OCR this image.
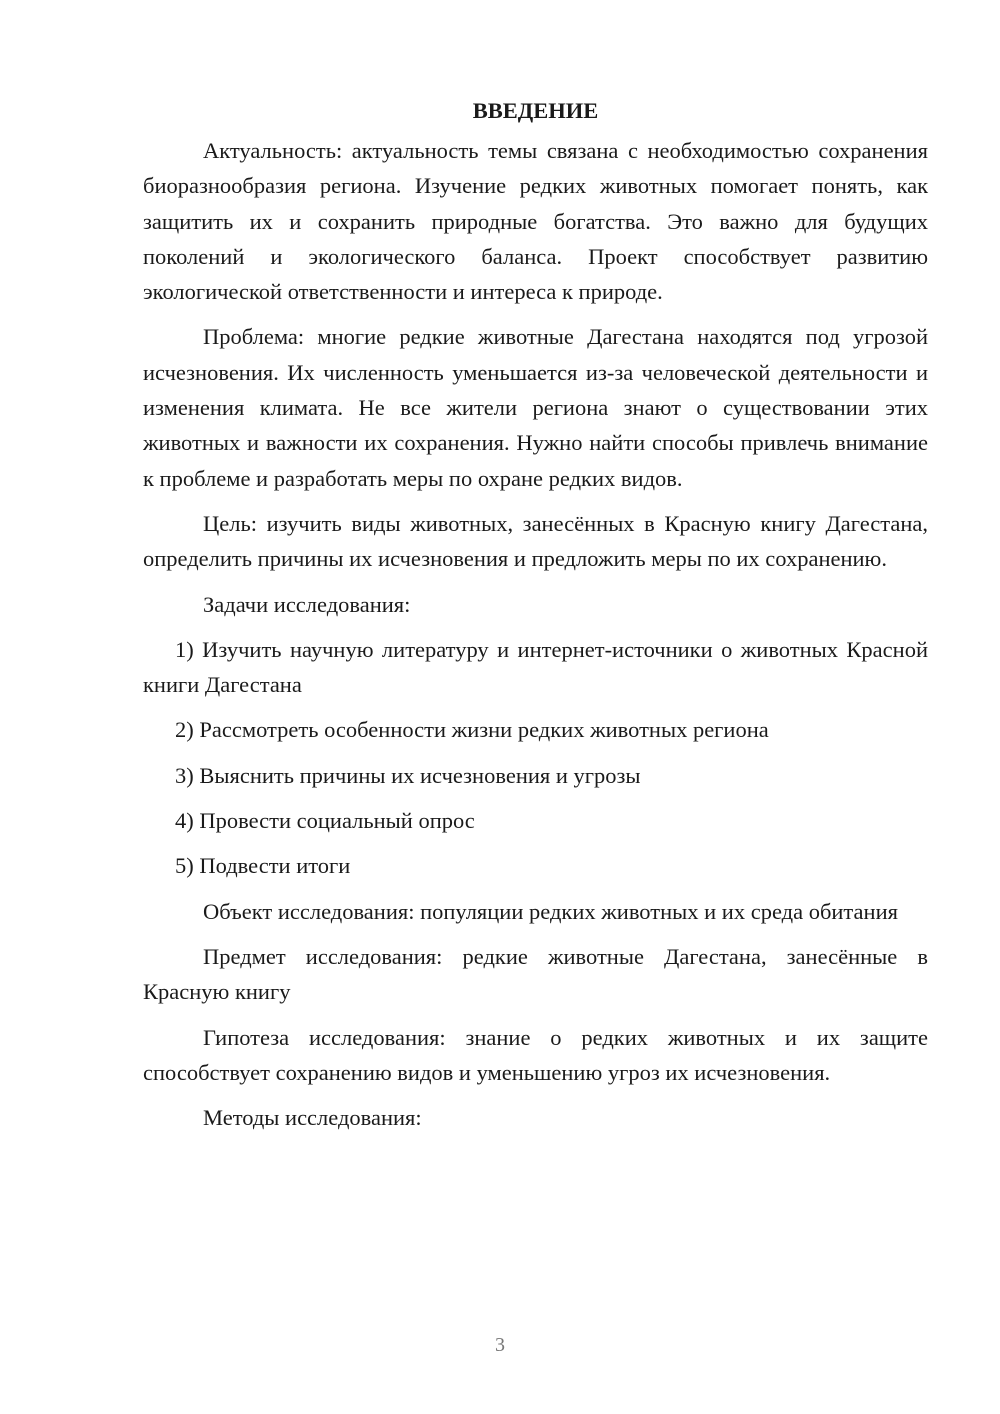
ВВЕДЕНИЕ

Актуальность: актуальность темы связана с необходимостью сохранения биоразнообразия региона. Изучение редких животных помогает понять, как защитить их и сохранить природные богатства. Это важно для будущих поколений и экологического баланса. Проект способствует развитию экологической ответственности и интереса к природе.

Проблема: многие редкие животные Дагестана находятся под угрозой исчезновения. Их численность уменьшается из-за человеческой деятельности и изменения климата. Не все жители региона знают о существовании этих животных и важности их сохранения. Нужно найти способы привлечь внимание к проблеме и разработать меры по охране редких видов.

Цель: изучить виды животных, занесённых в Красную книгу Дагестана, определить причины их исчезновения и предложить меры по их сохранению.

Задачи исследования:

1) Изучить научную литературу и интернет-источники о животных Красной книги Дагестана

2) Рассмотреть особенности жизни редких животных региона

3) Выяснить причины их исчезновения и угрозы

4) Провести социальный опрос

5) Подвести итоги

Объект исследования: популяции редких животных и их среда обитания

Предмет исследования: редкие животные Дагестана, занесённые в Красную книгу

Гипотеза исследования: знание о редких животных и их защите способствует сохранению видов и уменьшению угроз их исчезновения.

Методы исследования:

3
